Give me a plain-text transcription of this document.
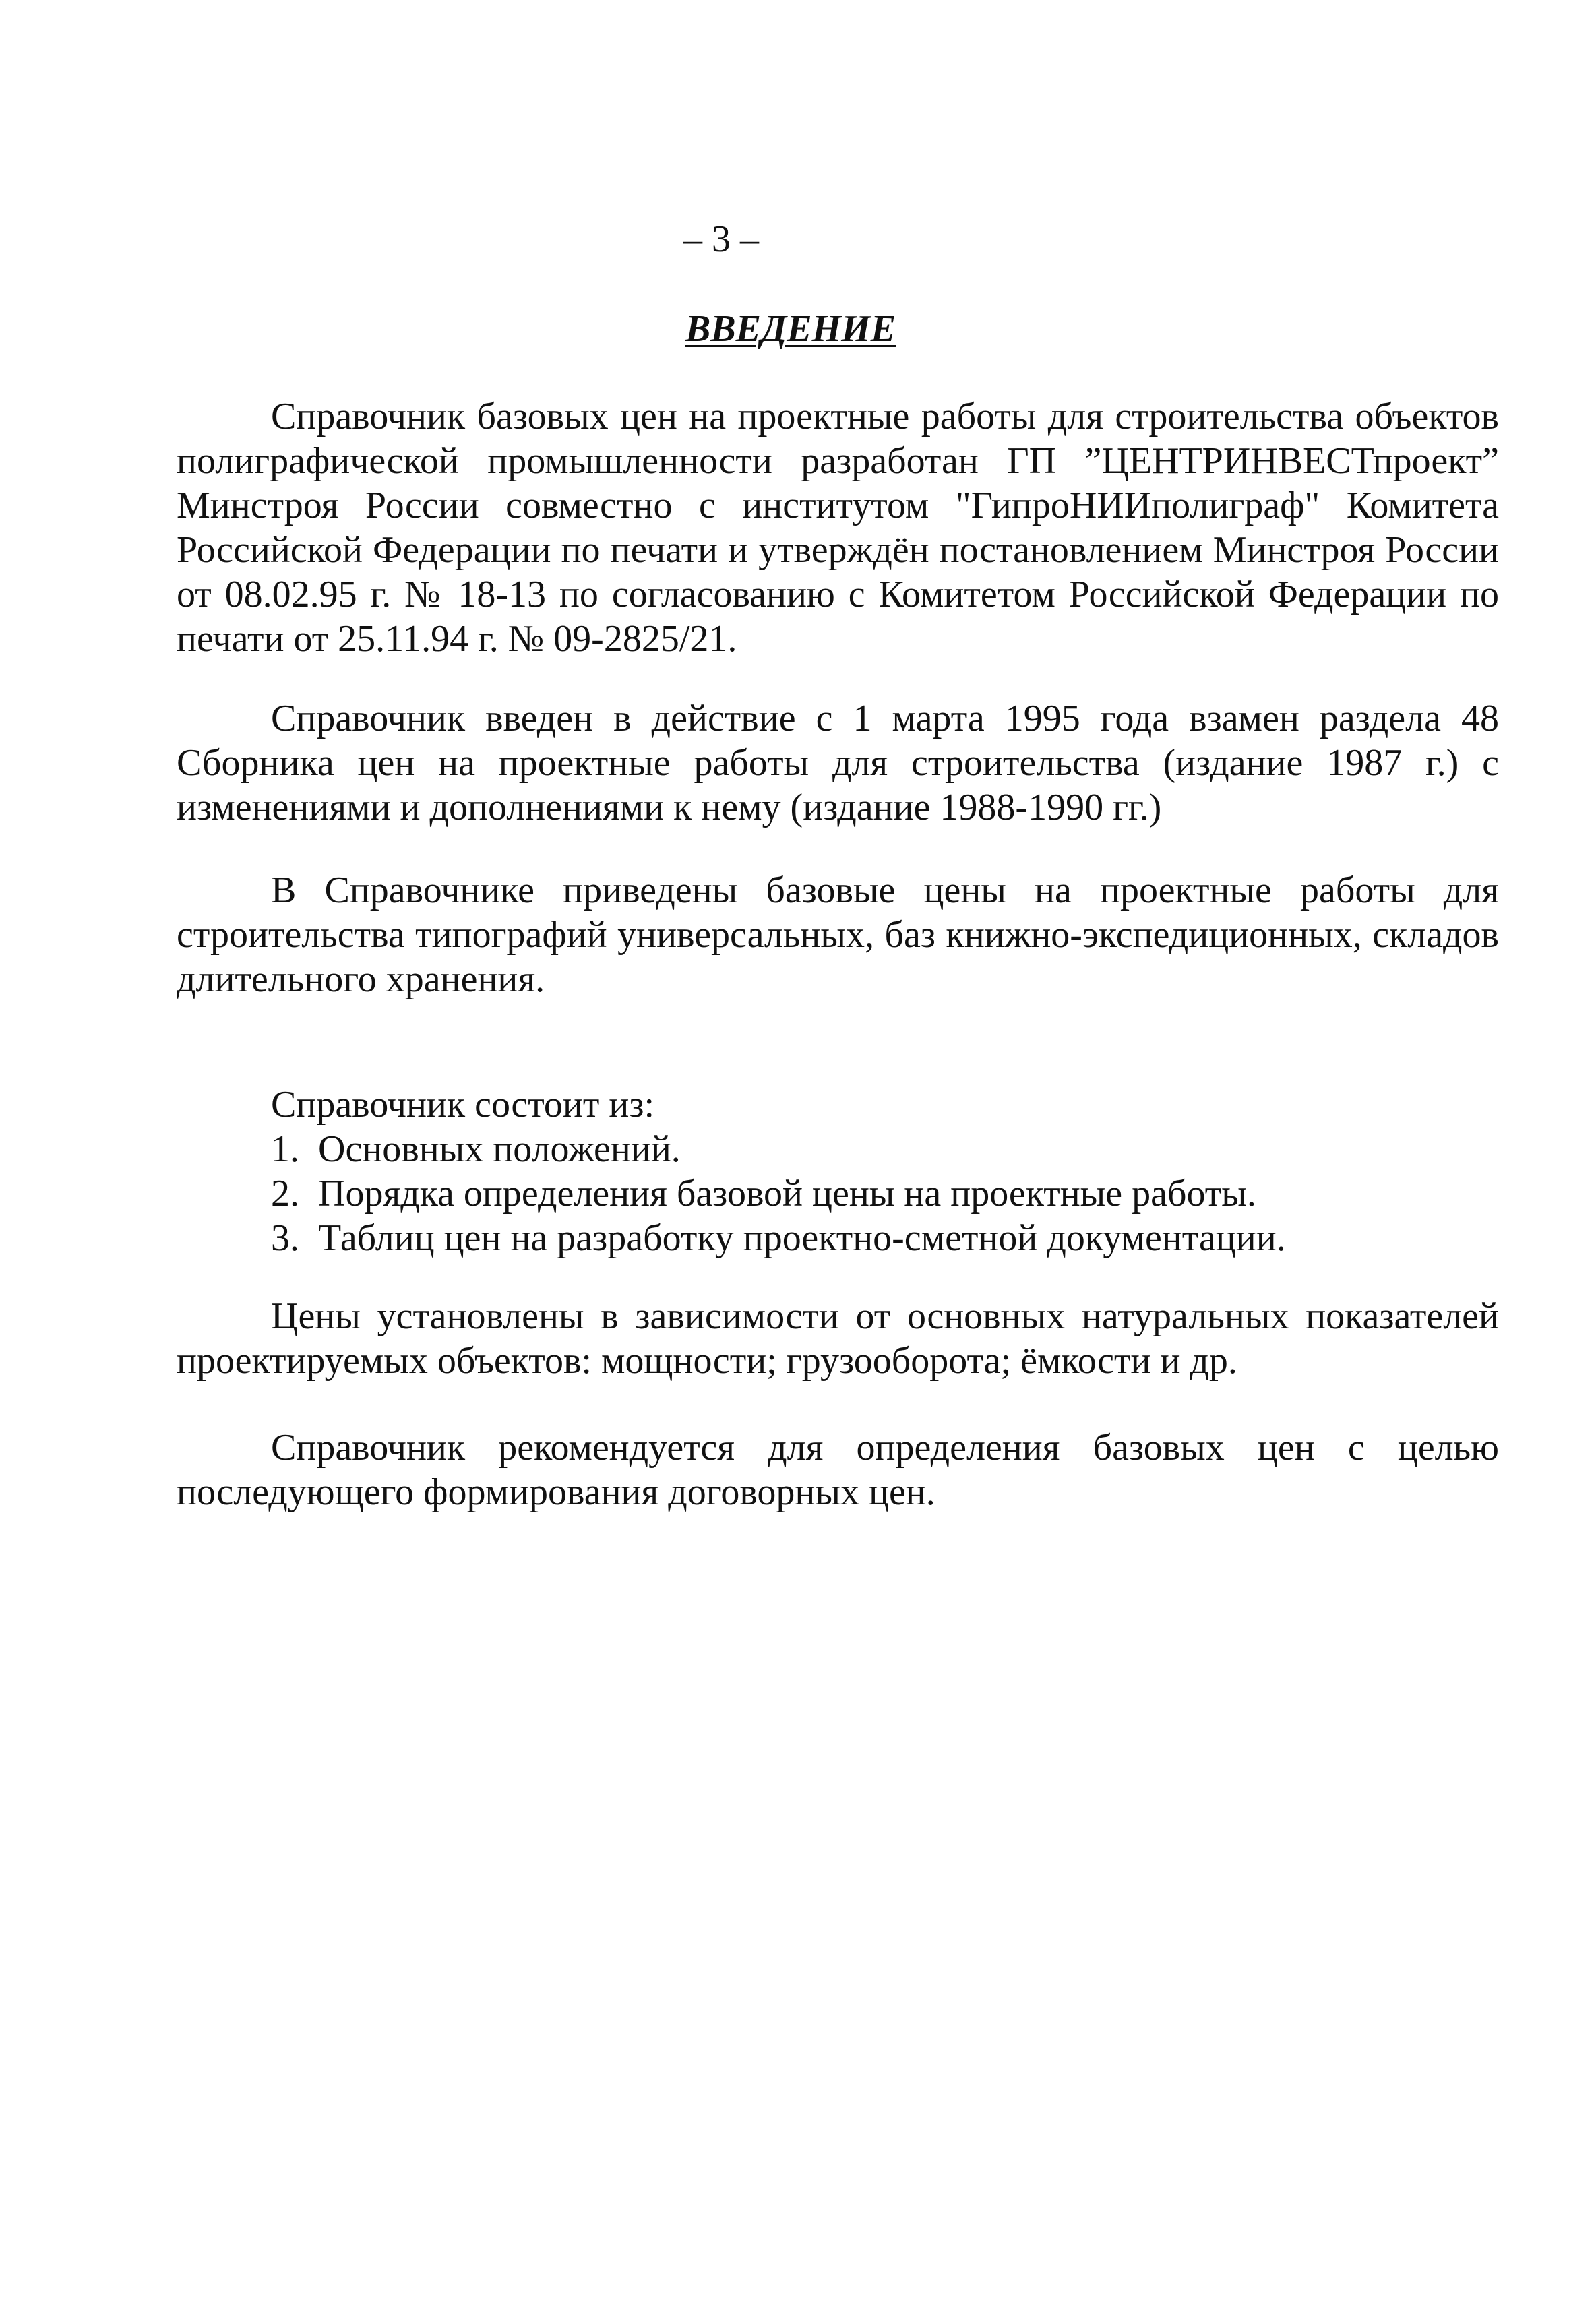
– 3 –
ВВЕДЕНИЕ

Справочник базовых цен на проектные работы для строительства объектов полиграфической промышленности разработан ГП ”ЦЕНТРИНВЕСТпроект” Минстроя России совместно с институтом "ГипроНИИполиграф" Комитета Российской Федерации по печати и утверждён постановлением Минстроя России от 08.02.95 г. № 18-13 по согласованию с Комитетом Российской Федерации по печати от 25.11.94 г. № 09-2825/21.

Справочник введен в действие с 1 марта 1995 года взамен раздела 48 Сборника цен на проектные работы для строительства (издание 1987 г.) с изменениями и дополнениями к нему (издание 1988-1990 гг.)

В Справочнике приведены базовые цены на проектные работы для строительства типографий универсальных, баз книжно-экспедиционных, складов длительного хранения.

Справочник состоит из:

1. Основных положений.
2. Порядка определения базовой цены на проектные работы.
3. Таблиц цен на разработку проектно-сметной документации.

Цены установлены в зависимости от основных натуральных показателей проектируемых объектов: мощности; грузооборота; ёмкости и др.

Справочник рекомендуется для определения базовых цен с целью последующего формирования договорных цен.
